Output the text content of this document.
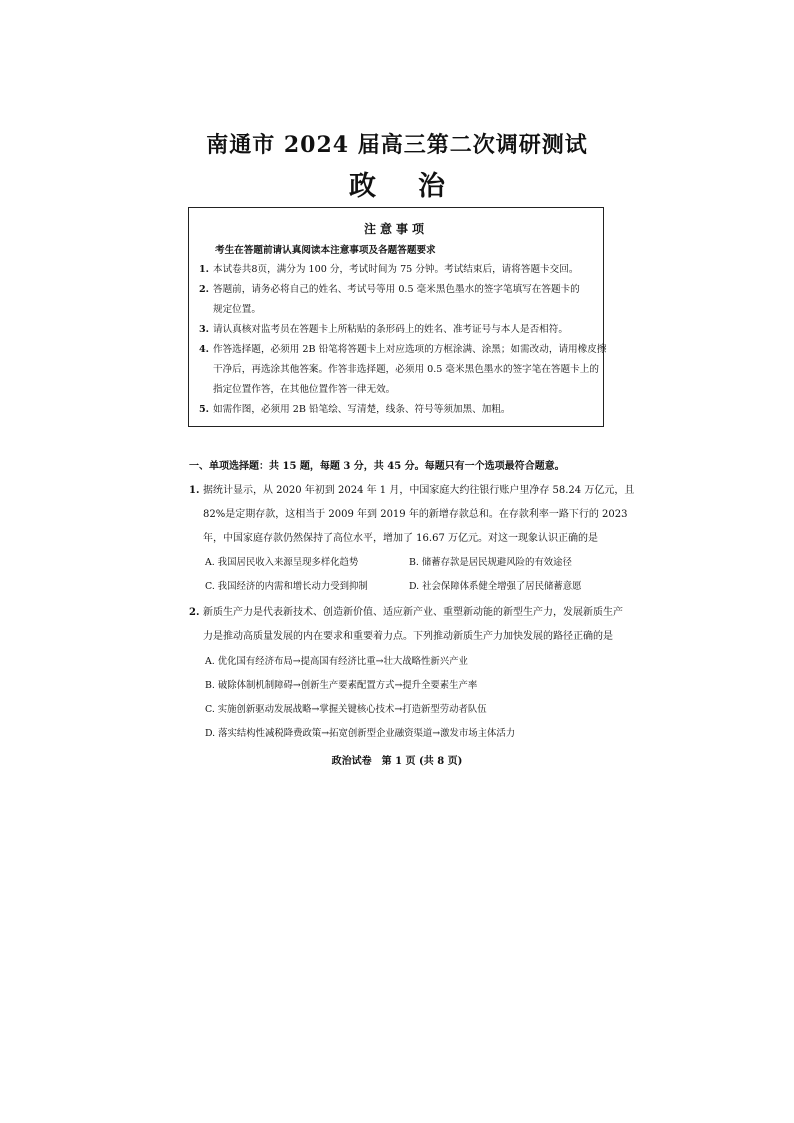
南通市 2024 届高三第二次调研测试
政治
注意事项
考生在答题前请认真阅读本注意事项及各题答题要求
1. 本试卷共8页，满分为 100 分，考试时间为 75 分钟。考试结束后，请将答题卡交回。
2. 答题前，请务必将自己的姓名、考试号等用 0.5 毫米黑色墨水的签字笔填写在答题卡的
规定位置。
3. 请认真核对监考员在答题卡上所粘贴的条形码上的姓名、准考证号与本人是否相符。
4. 作答选择题，必须用 2B 铅笔将答题卡上对应选项的方框涂满、涂黑；如需改动，请用橡皮擦
干净后，再选涂其他答案。作答非选择题，必须用 0.5 毫米黑色墨水的签字笔在答题卡上的
指定位置作答，在其他位置作答一律无效。
5. 如需作图，必须用 2B 铅笔绘、写清楚，线条、符号等须加黑、加粗。
一、单项选择题：共 15 题，每题 3 分，共 45 分。每题只有一个选项最符合题意。
1. 据统计显示，从 2020 年初到 2024 年 1 月，中国家庭大约往银行账户里净存 58.24 万亿元，且
82%是定期存款，这相当于 2009 年到 2019 年的新增存款总和。在存款利率一路下行的 2023
年，中国家庭存款仍然保持了高位水平，增加了 16.67 万亿元。对这一现象认识正确的是
A. 我国居民收入来源呈现多样化趋势	B. 储蓄存款是居民规避风险的有效途径
C. 我国经济的内需和增长动力受到抑制	D. 社会保障体系健全增强了居民储蓄意愿
2. 新质生产力是代表新技术、创造新价值、适应新产业、重塑新动能的新型生产力，发展新质生产
力是推动高质量发展的内在要求和重要着力点。下列推动新质生产力加快发展的路径正确的是
A. 优化国有经济布局→提高国有经济比重→壮大战略性新兴产业
B. 破除体制机制障碍→创新生产要素配置方式→提升全要素生产率
C. 实施创新驱动发展战略→掌握关键核心技术→打造新型劳动者队伍
D. 落实结构性减税降费政策→拓宽创新型企业融资渠道→激发市场主体活力
政治试卷　第 1 页 (共 8 页)
